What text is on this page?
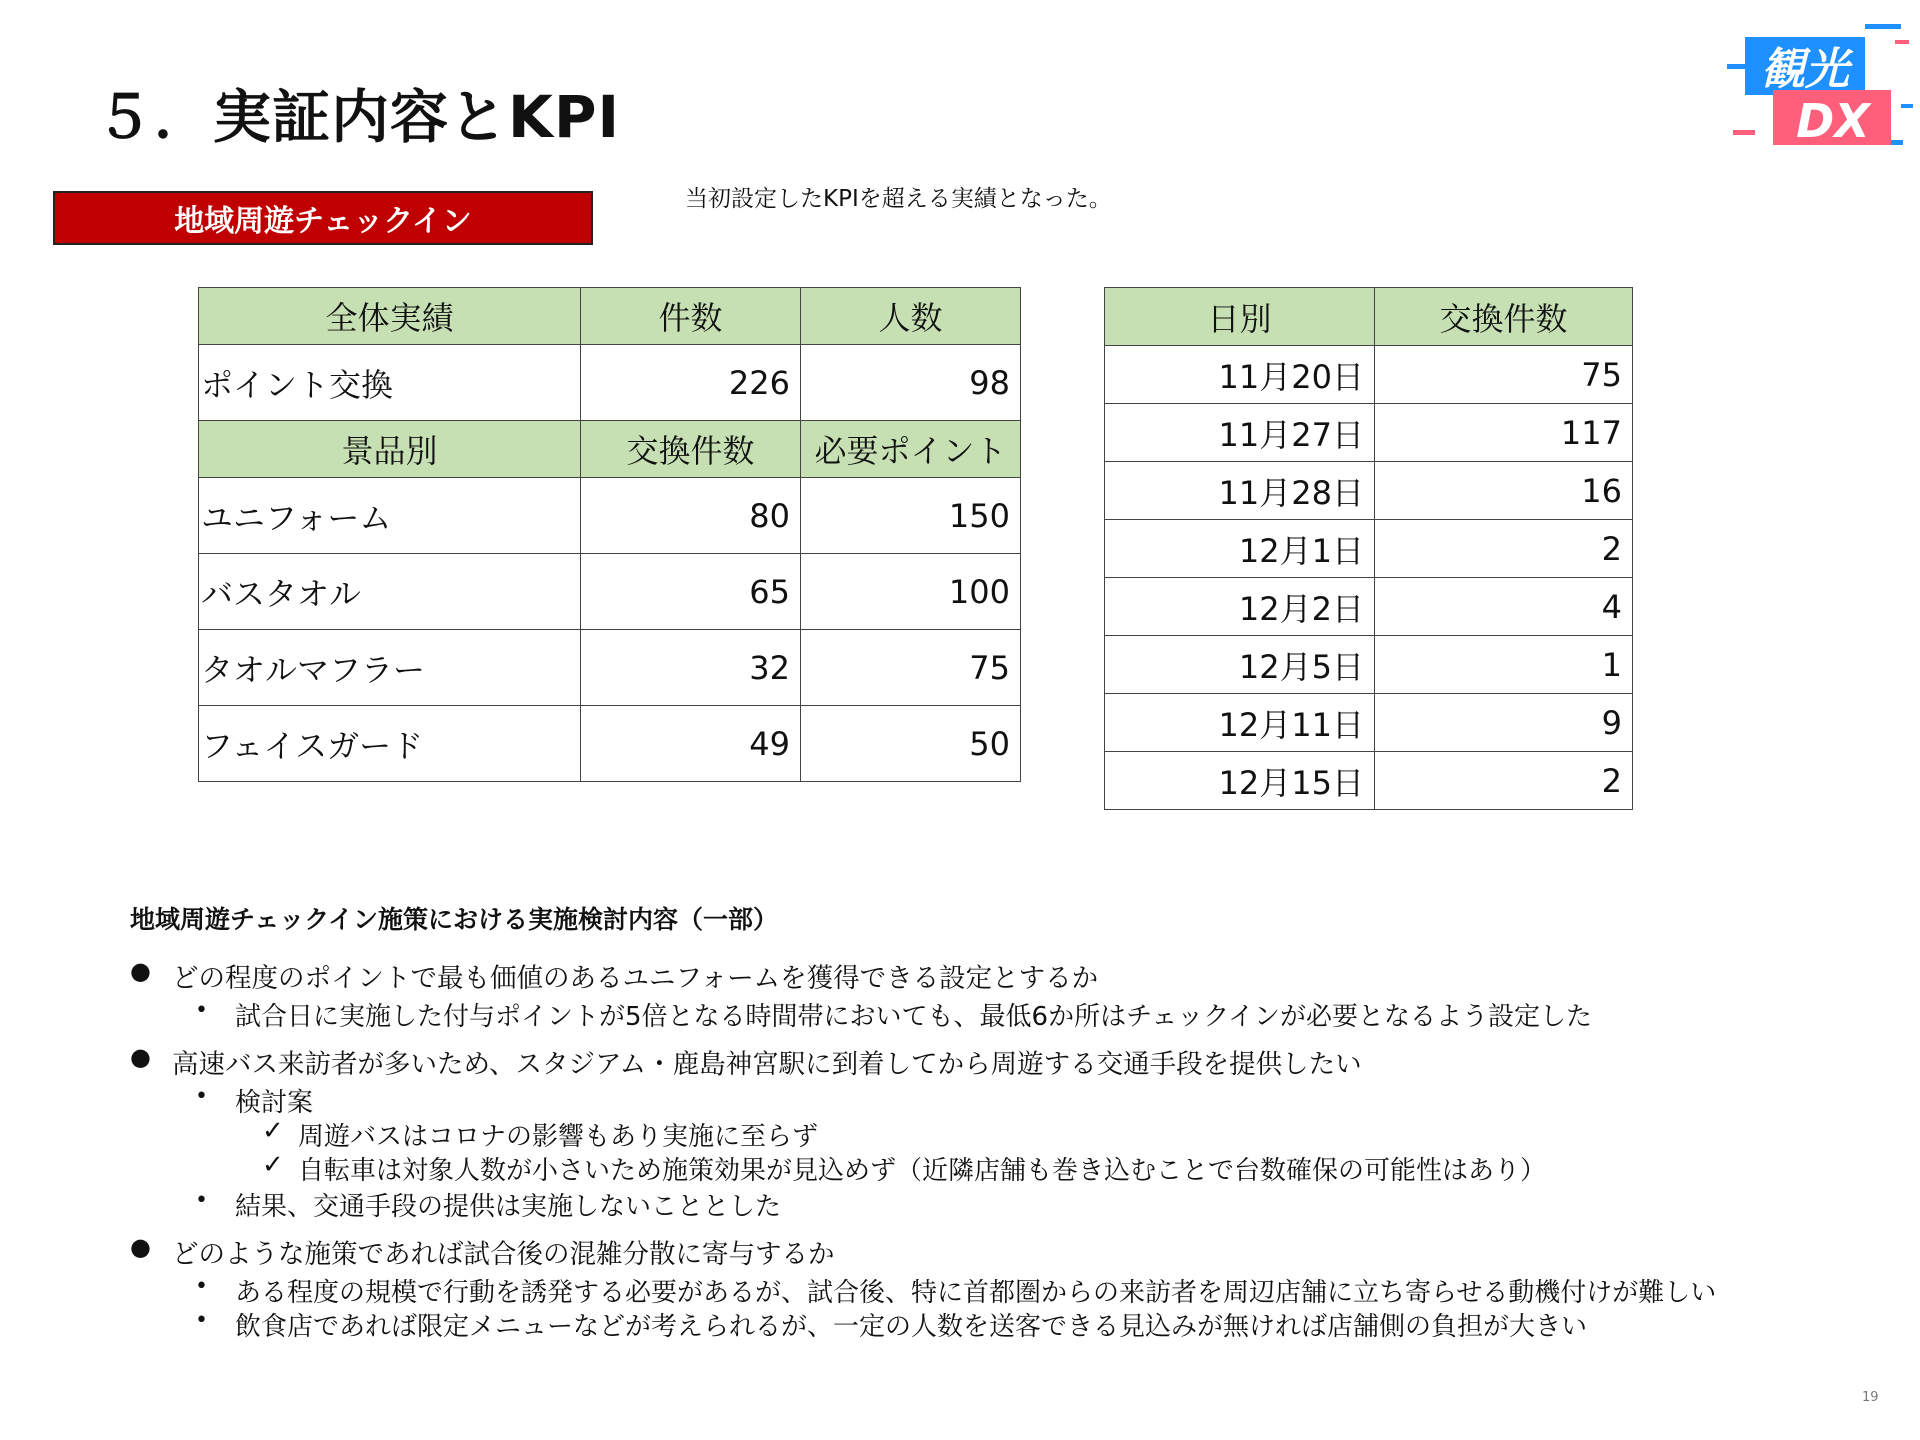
５．実証内容とKPI
観光
DX
地域周遊チェックイン
当初設定したKPIを超える実績となった。
全体実績	件数	人数
ポイント交換	226	98
景品別	交換件数	必要ポイント
ユニフォーム	80	150
バスタオル	65	100
タオルマフラー	32	75
フェイスガード	49	50
日別	交換件数
11月20日	75
11月27日	117
11月28日	16
12月1日	2
12月2日	4
12月5日	1
12月11日	9
12月15日	2
地域周遊チェックイン施策における実施検討内容（一部）
● どの程度のポイントで最も価値のあるユニフォームを獲得できる設定とするか
• 試合日に実施した付与ポイントが5倍となる時間帯においても、最低6か所はチェックインが必要となるよう設定した
● 高速バス来訪者が多いため、スタジアム・鹿島神宮駅に到着してから周遊する交通手段を提供したい
• 検討案
✓ 周遊バスはコロナの影響もあり実施に至らず
✓ 自転車は対象人数が小さいため施策効果が見込めず（近隣店舗も巻き込むことで台数確保の可能性はあり）
• 結果、交通手段の提供は実施しないこととした
● どのような施策であれば試合後の混雑分散に寄与するか
• ある程度の規模で行動を誘発する必要があるが、試合後、特に首都圏からの来訪者を周辺店舗に立ち寄らせる動機付けが難しい
• 飲食店であれば限定メニューなどが考えられるが、一定の人数を送客できる見込みが無ければ店舗側の負担が大きい
19
